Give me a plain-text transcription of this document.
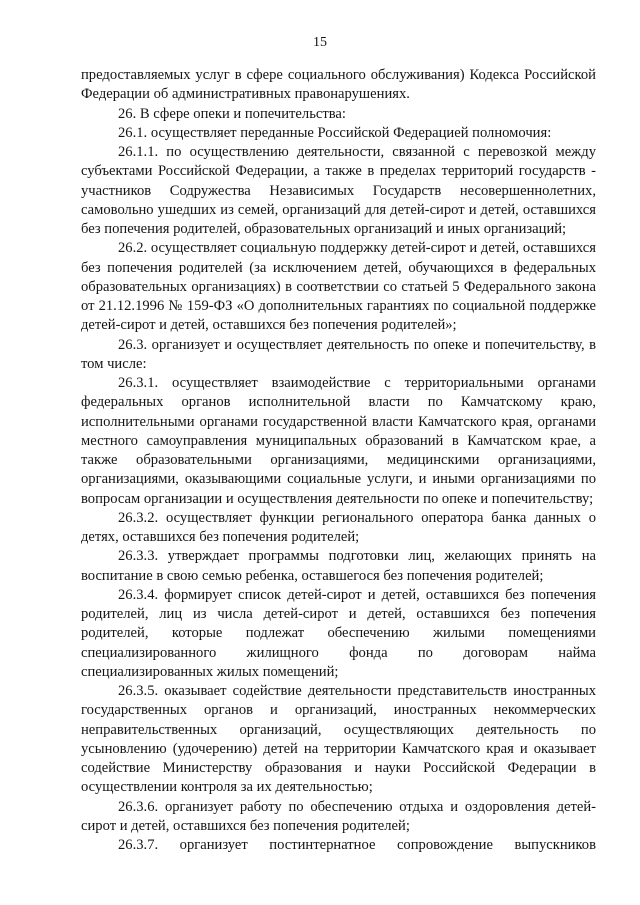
15

предоставляемых услуг в сфере социального обслуживания) Кодекса Российской Федерации об административных правонарушениях.

26. В сфере опеки и попечительства:

26.1. осуществляет переданные Российской Федерацией полномочия:

26.1.1. по осуществлению деятельности, связанной с перевозкой между субъектами Российской Федерации, а также в пределах территорий государств - участников Содружества Независимых Государств несовершеннолетних, самовольно ушедших из семей, организаций для детей-сирот и детей, оставшихся без попечения родителей, образовательных организаций и иных организаций;

26.2. осуществляет социальную поддержку детей-сирот и детей, оставшихся без попечения родителей (за исключением детей, обучающихся в федеральных образовательных организациях) в соответствии со статьей 5 Федерального закона от 21.12.1996 № 159-ФЗ «О дополнительных гарантиях по социальной поддержке детей-сирот и детей, оставшихся без попечения родителей»;

26.3. организует и осуществляет деятельность по опеке и попечительству, в том числе:

26.3.1. осуществляет взаимодействие с территориальными органами федеральных органов исполнительной власти по Камчатскому краю, исполнительными органами государственной власти Камчатского края, органами местного самоуправления муниципальных образований в Камчатском крае, а также образовательными организациями, медицинскими организациями, организациями, оказывающими социальные услуги, и иными организациями по вопросам организации и осуществления деятельности по опеке и попечительству;

26.3.2. осуществляет функции регионального оператора банка данных о детях, оставшихся без попечения родителей;

26.3.3. утверждает программы подготовки лиц, желающих принять на воспитание в свою семью ребенка, оставшегося без попечения родителей;

26.3.4. формирует список детей-сирот и детей, оставшихся без попечения родителей, лиц из числа детей-сирот и детей, оставшихся без попечения родителей, которые подлежат обеспечению жилыми помещениями специализированного жилищного фонда по договорам найма специализированных жилых помещений;

26.3.5. оказывает содействие деятельности представительств иностранных государственных органов и организаций, иностранных некоммерческих неправительственных организаций, осуществляющих деятельность по усыновлению (удочерению) детей на территории Камчатского края и оказывает содействие Министерству образования и науки Российской Федерации в осуществлении контроля за их деятельностью;

26.3.6. организует работу по обеспечению отдыха и оздоровления детей-сирот и детей, оставшихся без попечения родителей;

26.3.7. организует постинтернатное сопровождение выпускников
